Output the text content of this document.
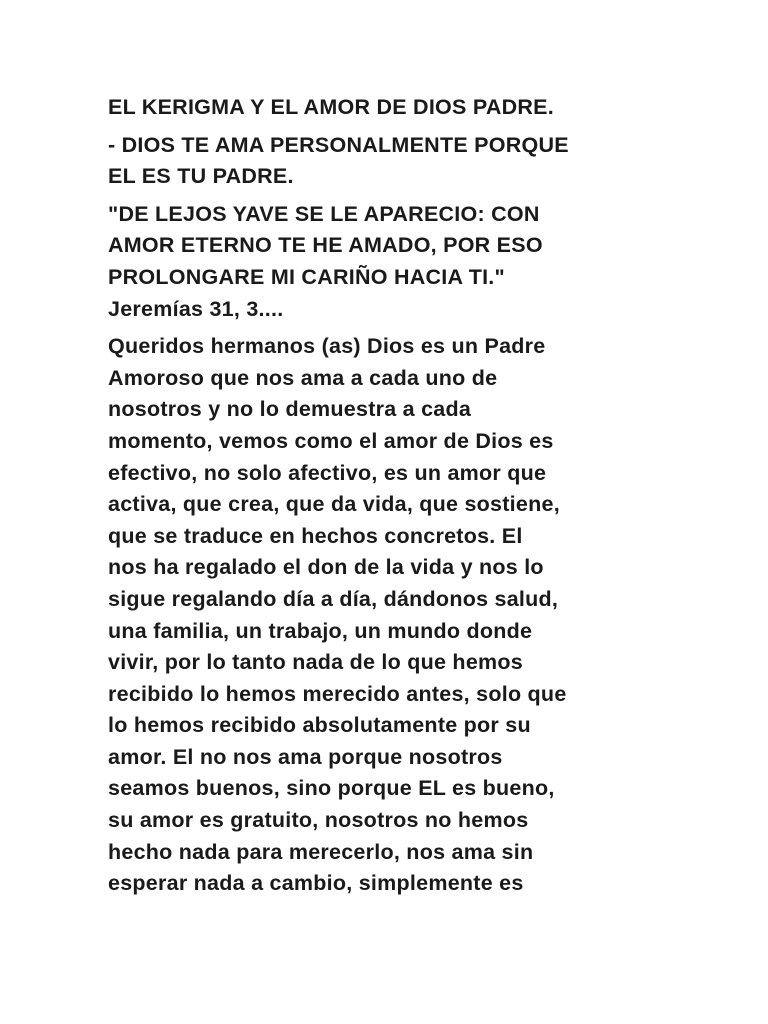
EL KERIGMA Y EL AMOR DE DIOS PADRE.

- DIOS TE AMA PERSONALMENTE PORQUE
EL ES TU PADRE.

"DE LEJOS YAVE SE LE APARECIO: CON
AMOR ETERNO TE HE AMADO, POR ESO
PROLONGARE MI CARIÑO HACIA TI."
Jeremías 31, 3....

Queridos hermanos (as) Dios es un Padre
Amoroso que nos ama a cada uno de
nosotros y no lo demuestra a cada
momento, vemos como el amor de Dios es
efectivo, no solo afectivo, es un amor que
activa, que crea, que da vida, que sostiene,
que se traduce en hechos concretos. El
nos ha regalado el don de la vida y nos lo
sigue regalando día a día, dándonos salud,
una familia, un trabajo, un mundo donde
vivir, por lo tanto nada de lo que hemos
recibido lo hemos merecido antes, solo que
lo hemos recibido absolutamente por su
amor. El no nos ama porque nosotros
seamos buenos, sino porque EL es bueno,
su amor es gratuito, nosotros no hemos
hecho nada para merecerlo, nos ama sin
esperar nada a cambio, simplemente es
